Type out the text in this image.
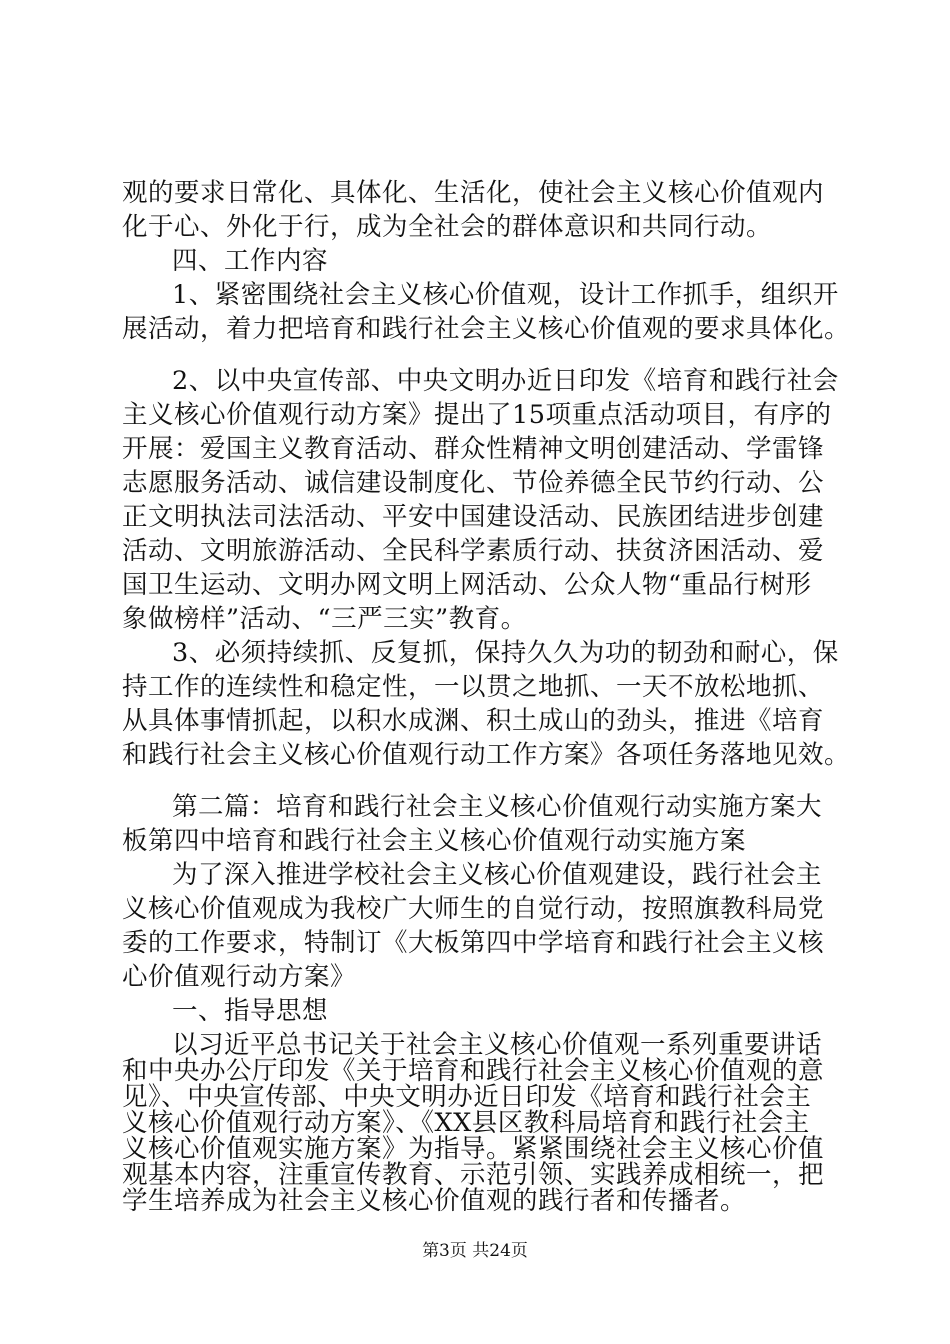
观的要求日常化、具体化、生活化，使社会主义核心价值观内
化于心、外化于行，成为全社会的群体意识和共同行动。
四、工作内容
1、紧密围绕社会主义核心价值观，设计工作抓手，组织开
展活动，着力把培育和践行社会主义核心价值观的要求具体化。
2、以中央宣传部、中央文明办近日印发《培育和践行社会
主义核心价值观行动方案》提出了15项重点活动项目，有序的
开展：爱国主义教育活动、群众性精神文明创建活动、学雷锋
志愿服务活动、诚信建设制度化、节俭养德全民节约行动、公
正文明执法司法活动、平安中国建设活动、民族团结进步创建
活动、文明旅游活动、全民科学素质行动、扶贫济困活动、爱
国卫生运动、文明办网文明上网活动、公众人物“重品行树形
象做榜样”活动、“三严三实”教育。
3、必须持续抓、反复抓，保持久久为功的韧劲和耐心，保
持工作的连续性和稳定性，一以贯之地抓、一天不放松地抓、
从具体事情抓起，以积水成渊、积土成山的劲头，推进《培育
和践行社会主义核心价值观行动工作方案》各项任务落地见效。
第二篇：培育和践行社会主义核心价值观行动实施方案大
板第四中培育和践行社会主义核心价值观行动实施方案
为了深入推进学校社会主义核心价值观建设，践行社会主
义核心价值观成为我校广大师生的自觉行动，按照旗教科局党
委的工作要求，特制订《大板第四中学培育和践行社会主义核
心价值观行动方案》
一、指导思想
第3页 共24页
以习近平总书记关于社会主义核心价值观一系列重要讲话
和中央办公厅印发《关于培育和践行社会主义核心价值观的意
见》、中央宣传部、中央文明办近日印发《培育和践行社会主
义核心价值观行动方案》、《XX县区教科局培育和践行社会主
义核心价值观实施方案》为指导。紧紧围绕社会主义核心价值
观基本内容，注重宣传教育、示范引领、实践养成相统一，把
学生培养成为社会主义核心价值观的践行者和传播者。
